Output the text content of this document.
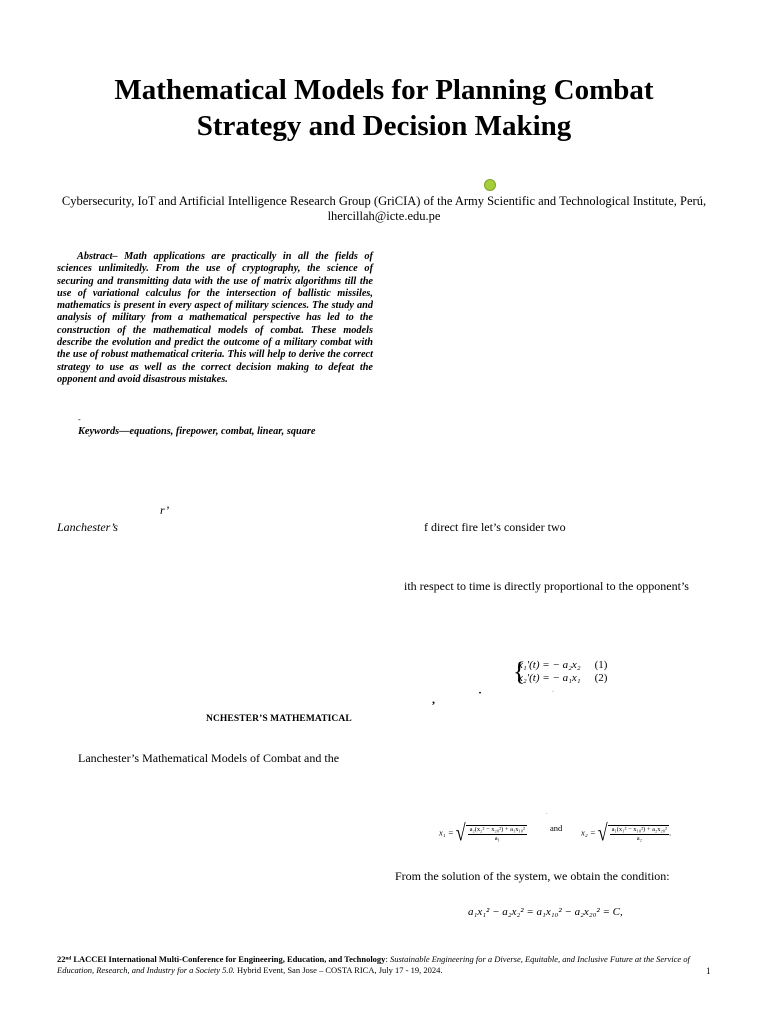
Mathematical Models for Planning Combat
Strategy and Decision Making
Cybersecurity, IoT and Artificial Intelligence Research Group (GriCIA) of the Army Scientific and Technological Institute, Perú,
lhercillah@icte.edu.pe
Abstract– Math applications are practically in all the fields of sciences unlimitedly. From the use of cryptography, the science of securing and transmitting data with the use of matrix algorithms till the use of variational calculus for the intersection of ballistic missiles, mathematics is present in every aspect of military sciences. The study and analysis of military from a mathematical perspective has led to the construction of the mathematical models of combat. These models describe the evolution and predict the outcome of a military combat with the use of robust mathematical criteria. This will help to derive the correct strategy to use as well as the correct decision making to defeat the opponent and avoid disastrous mistakes.
-
Keywords—equations, firepower, combat, linear, square
r’
Lanchester’s	f direct fire let’s consider two
ith respect to time is directly proportional to the opponent’s
{
x₁′(t) = − a₂x₂ (1)
x₂′(t) = − a₁x₁ (2)
,	˙	·
NCHESTER’S MATHEMATICAL
Lanchester’s Mathematical Models of Combat and the
·
x₁ = √ $\frac{\text{a₂(x₂² − x₂₀²) + a₁x₁₀²}}{\text{a₁}}$	and x₂ = √ $\frac{\text{a₁(x₁² − x₁₀²) + a₂x₂₀²}}{\text{a₂}}$ .
From the solution of the system, we obtain the condition:
a₁x₁² − a₂x₂² = a₁x₁₀² − a₂x₂₀² = C,
22ⁿᵈ LACCEI International Multi-Conference for Engineering, Education, and Technology: Sustainable Engineering for a Diverse, Equitable, and Inclusive Future at the Service of Education, Research, and Industry for a Society 5.0. Hybrid Event, San Jose – COSTA RICA, July 17 - 19, 2024.	1
